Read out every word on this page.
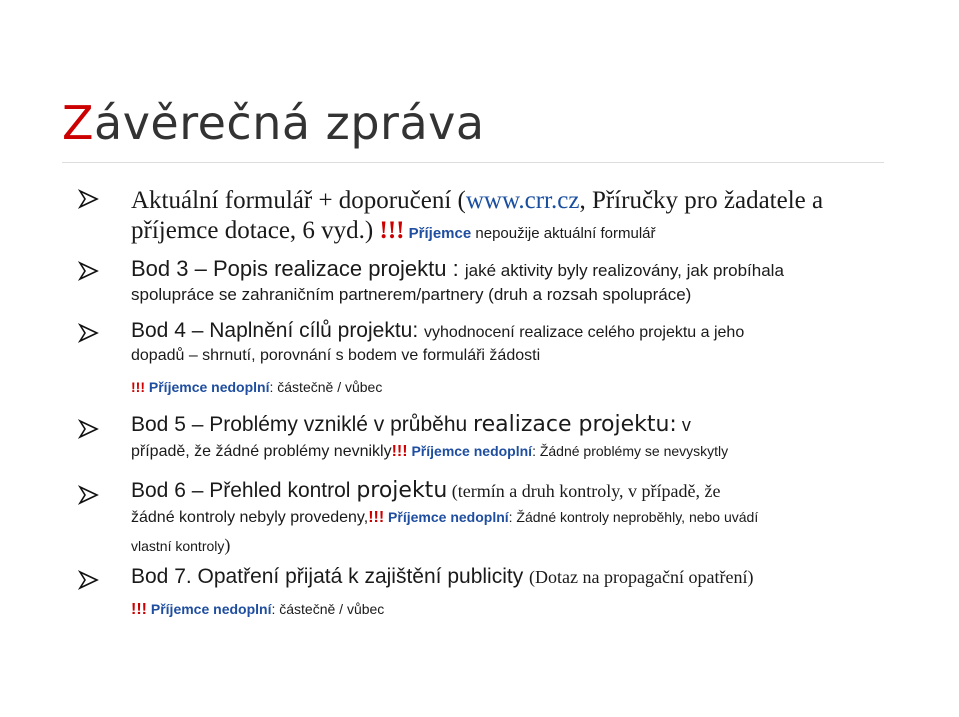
Závěrečná zpráva
Aktuální formulář + doporučení (www.crr.cz, Příručky pro žadatele a
příjemce dotace, 6 vyd.) !!! Příjemce nepoužije aktuální formulář
Bod 3 – Popis realizace projektu : jaké aktivity byly realizovány, jak probíhala
spolupráce se zahraničním partnerem/partnery (druh a rozsah spolupráce)
Bod 4 – Naplnění cílů projektu: vyhodnocení realizace celého projektu a jeho
dopadů – shrnutí, porovnání s bodem ve formuláři žádosti
!!! Příjemce nedoplní: částečně / vůbec
Bod 5 – Problémy vzniklé v průběhu realizace projektu: v
případě, že žádné problémy nevnikly!!! Příjemce nedoplní: Žádné problémy se nevyskytly
Bod 6 – Přehled kontrol projektu (termín a druh kontroly, v případě, že
žádné kontroly nebyly provedeny,!!! Příjemce nedoplní: Žádné kontroly neproběhly, nebo uvádí
vlastní kontroly)
Bod 7. Opatření přijatá k zajištění publicity (Dotaz na propagační opatření)
!!! Příjemce nedoplní: částečně / vůbec
